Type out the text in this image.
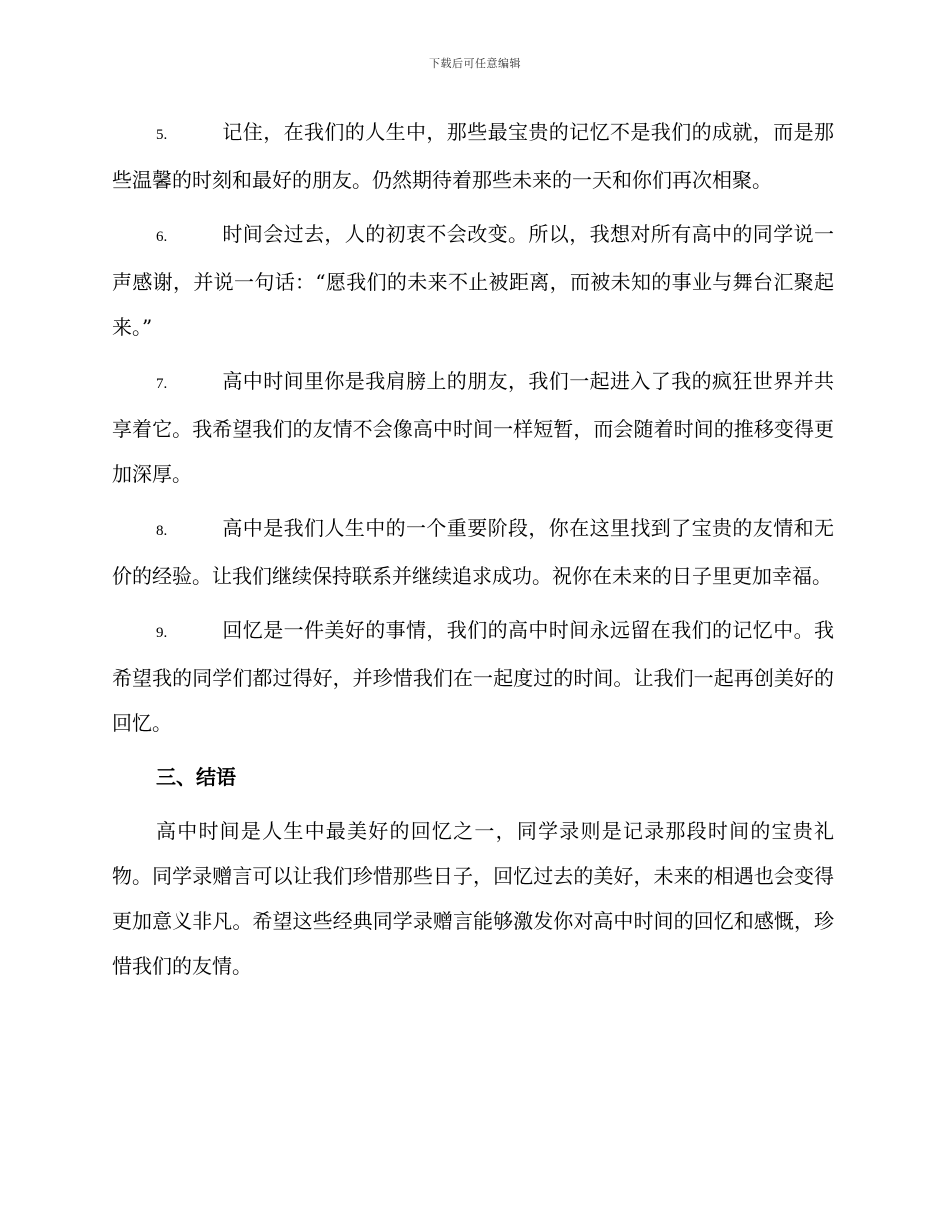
下载后可任意编辑

5.	记住，在我们的人生中，那些最宝贵的记忆不是我们的成就，而是那些温馨的时刻和最好的朋友。仍然期待着那些未来的一天和你们再次相聚。

6.	时间会过去，人的初衷不会改变。所以，我想对所有高中的同学说一声感谢，并说一句话：“愿我们的未来不止被距离，而被未知的事业与舞台汇聚起来。”

7.	高中时间里你是我肩膀上的朋友，我们一起进入了我的疯狂世界并共享着它。我希望我们的友情不会像高中时间一样短暂，而会随着时间的推移变得更加深厚。

8.	高中是我们人生中的一个重要阶段，你在这里找到了宝贵的友情和无价的经验。让我们继续保持联系并继续追求成功。祝你在未来的日子里更加幸福。

9.	回忆是一件美好的事情，我们的高中时间永远留在我们的记忆中。我希望我的同学们都过得好，并珍惜我们在一起度过的时间。让我们一起再创美好的回忆。

三、结语

高中时间是人生中最美好的回忆之一，同学录则是记录那段时间的宝贵礼物。同学录赠言可以让我们珍惜那些日子，回忆过去的美好，未来的相遇也会变得更加意义非凡。希望这些经典同学录赠言能够激发你对高中时间的回忆和感慨，珍惜我们的友情。
